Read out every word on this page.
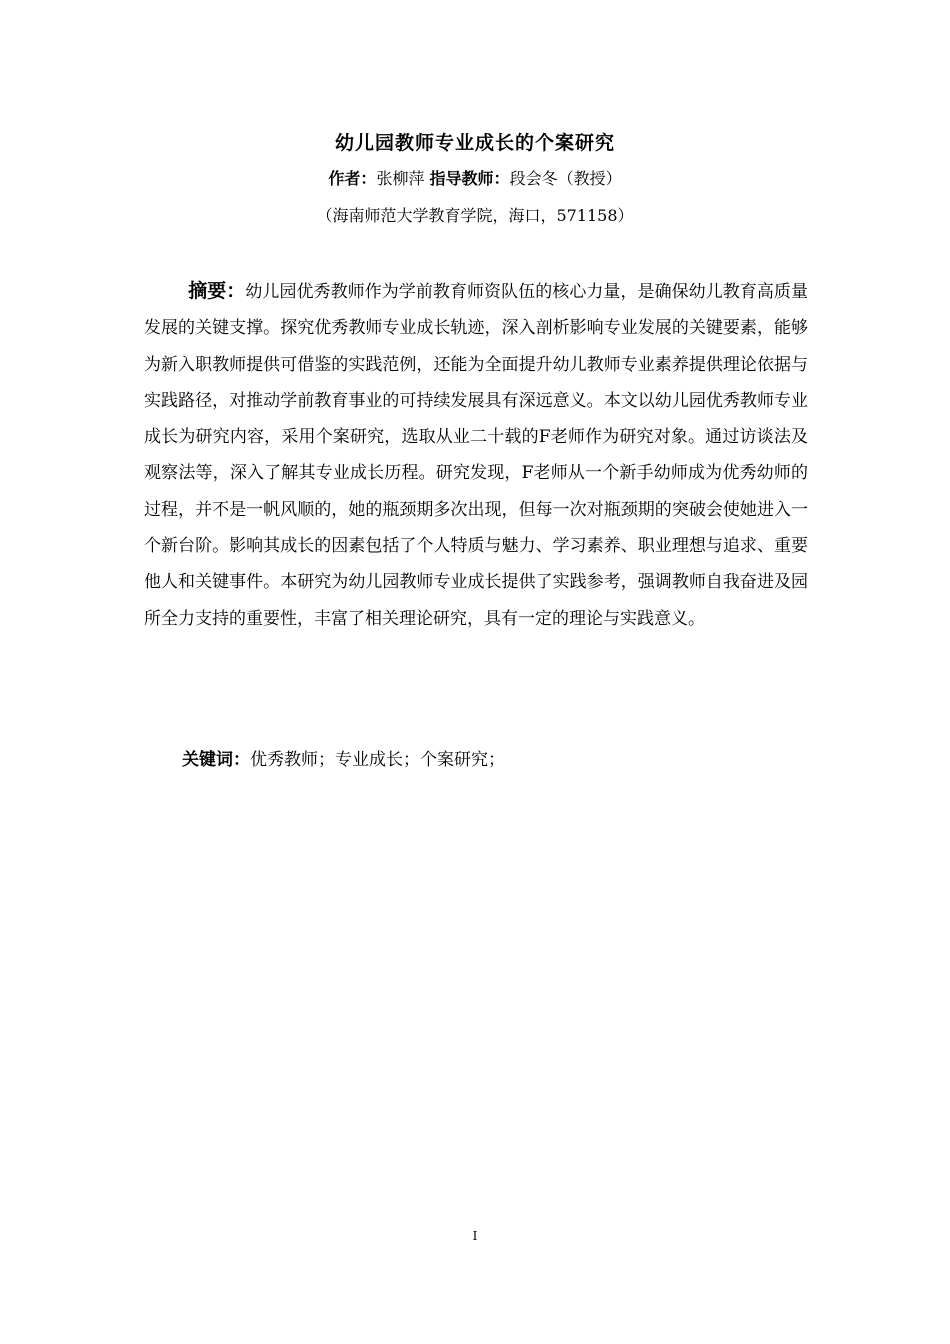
幼儿园教师专业成长的个案研究
作者：张柳萍 指导教师：段会冬（教授）
（海南师范大学教育学院，海口，571158）
摘要：幼儿园优秀教师作为学前教育师资队伍的核心力量，是确保幼儿教育高质量发展的关键支撑。探究优秀教师专业成长轨迹，深入剖析影响专业发展的关键要素，能够为新入职教师提供可借鉴的实践范例，还能为全面提升幼儿教师专业素养提供理论依据与实践路径，对推动学前教育事业的可持续发展具有深远意义。本文以幼儿园优秀教师专业成长为研究内容，采用个案研究，选取从业二十载的F老师作为研究对象。通过访谈法及观察法等，深入了解其专业成长历程。研究发现，F老师从一个新手幼师成为优秀幼师的过程，并不是一帆风顺的，她的瓶颈期多次出现，但每一次对瓶颈期的突破会使她进入一个新台阶。影响其成长的因素包括了个人特质与魅力、学习素养、职业理想与追求、重要他人和关键事件。本研究为幼儿园教师专业成长提供了实践参考，强调教师自我奋进及园所全力支持的重要性，丰富了相关理论研究，具有一定的理论与实践意义。
关键词：优秀教师；专业成长；个案研究；
I
